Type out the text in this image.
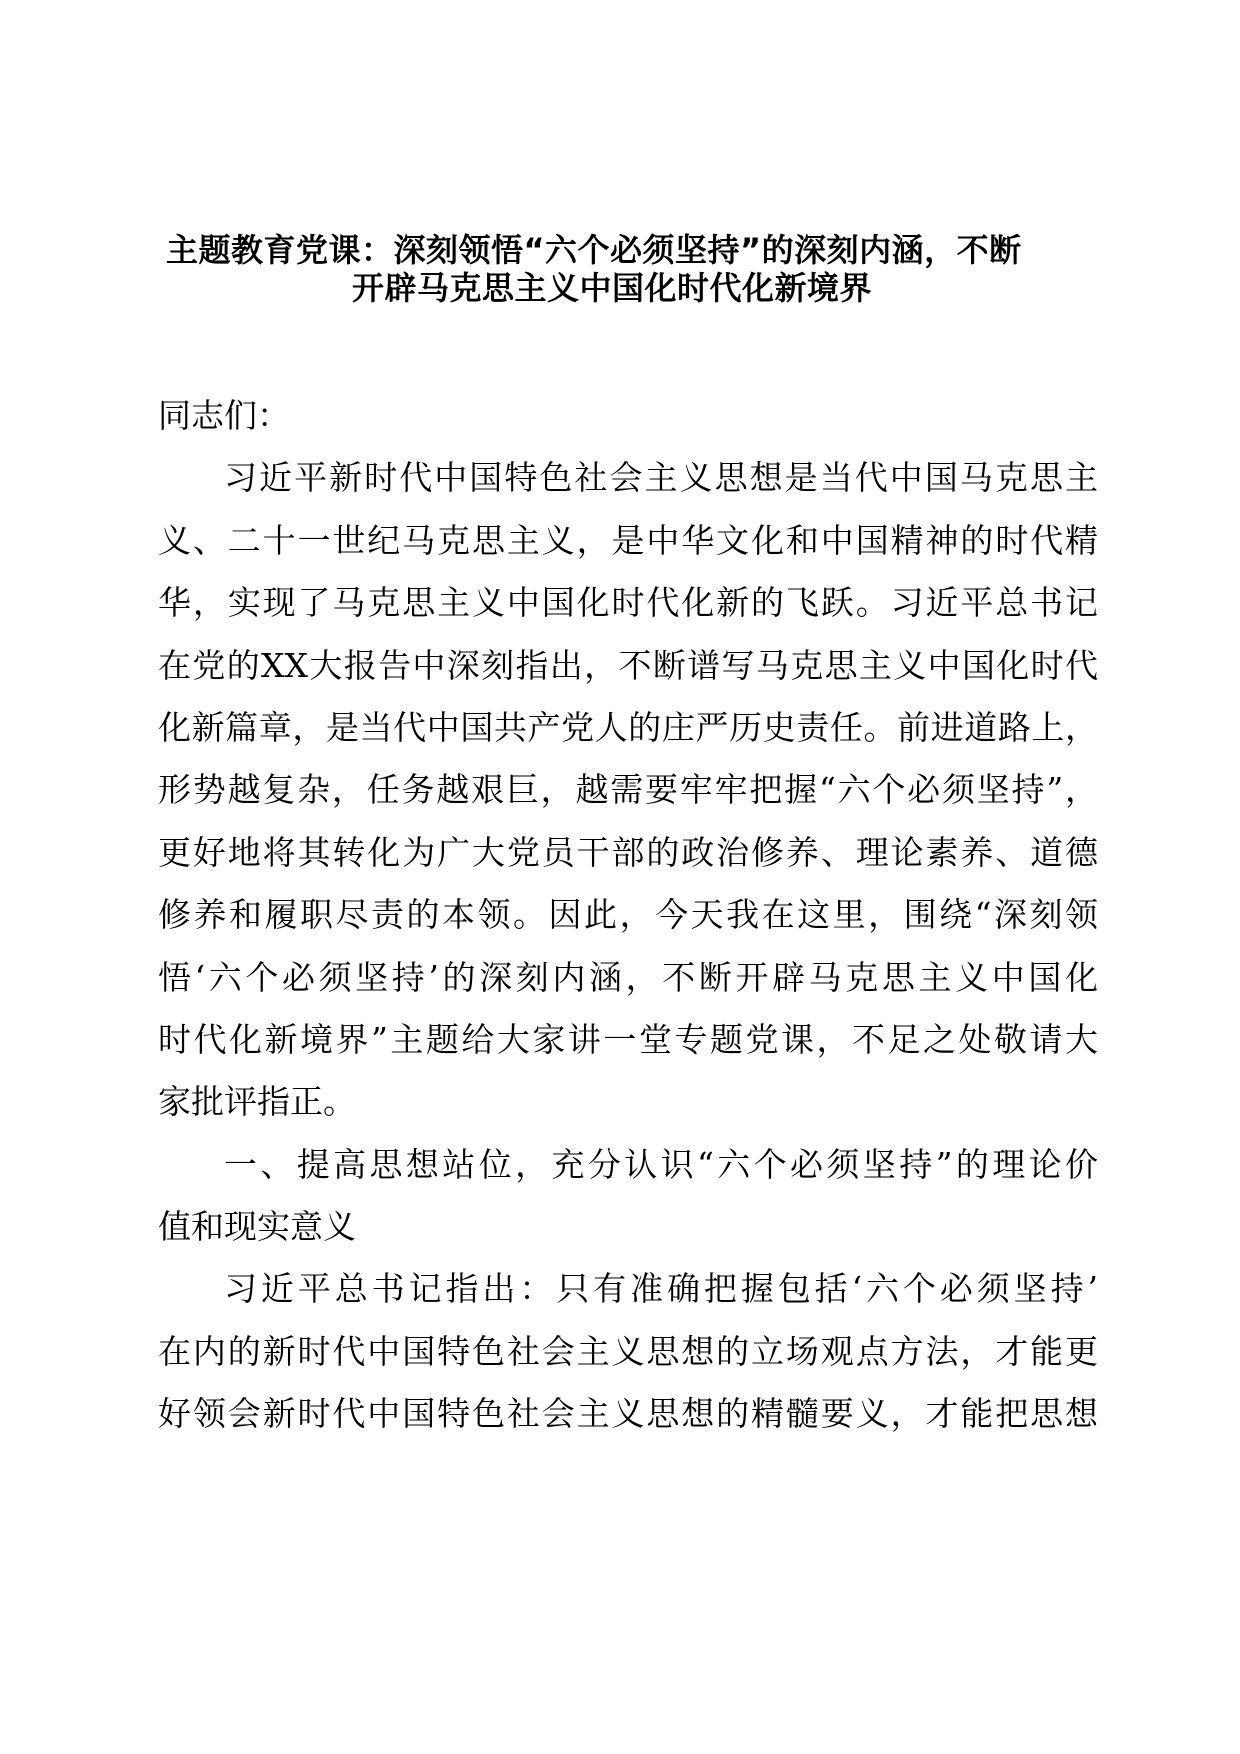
主题教育党课：深刻领悟“六个必须坚持”的深刻内涵，不断
开辟马克思主义中国化时代化新境界
同志们：
习近平新时代中国特色社会主义思想是当代中国马克思主
义、二十一世纪马克思主义，是中华文化和中国精神的时代精
华，实现了马克思主义中国化时代化新的飞跃。习近平总书记
在党的XX大报告中深刻指出，不断谱写马克思主义中国化时代
化新篇章，是当代中国共产党人的庄严历史责任。前进道路上，
形势越复杂，任务越艰巨，越需要牢牢把握“六个必须坚持”，
更好地将其转化为广大党员干部的政治修养、理论素养、道德
修养和履职尽责的本领。因此，今天我在这里，围绕“深刻领
悟‘六个必须坚持’的深刻内涵，不断开辟马克思主义中国化
时代化新境界”主题给大家讲一堂专题党课，不足之处敬请大
家批评指正。
一、提高思想站位，充分认识“六个必须坚持”的理论价
值和现实意义
习近平总书记指出：只有准确把握包括‘六个必须坚持’
在内的新时代中国特色社会主义思想的立场观点方法，才能更
好领会新时代中国特色社会主义思想的精髓要义，才能把思想
